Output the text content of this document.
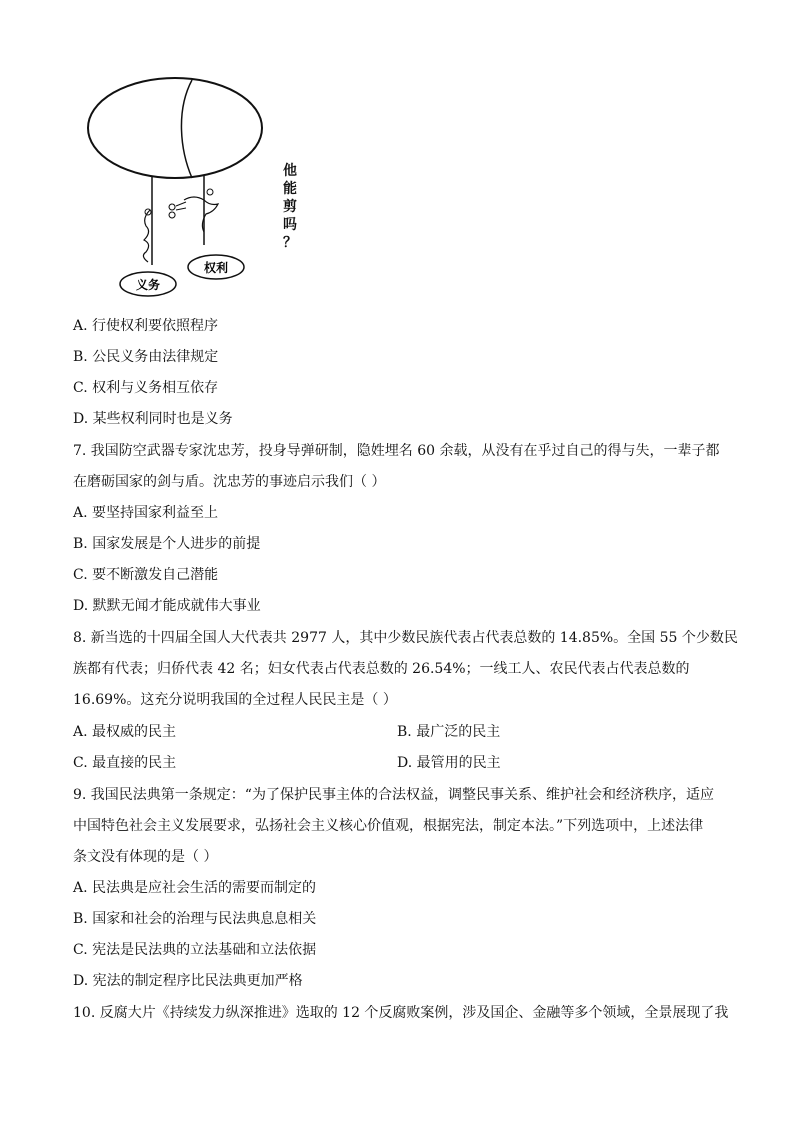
义务
权利
他
能
剪
吗
？
A. 行使权利要依照程序
B. 公民义务由法律规定
C. 权利与义务相互依存
D. 某些权利同时也是义务
7. 我国防空武器专家沈忠芳，投身导弹研制，隐姓埋名 60 余载，从没有在乎过自己的得与失，一辈子都
在磨砺国家的剑与盾。沈忠芳的事迹启示我们（ ）
A. 要坚持国家利益至上
B. 国家发展是个人进步的前提
C. 要不断激发自己潜能
D. 默默无闻才能成就伟大事业
8. 新当选的十四届全国人大代表共 2977 人，其中少数民族代表占代表总数的 14.85%。全国 55 个少数民
族都有代表；归侨代表 42 名；妇女代表占代表总数的 26.54%；一线工人、农民代表占代表总数的
16.69%。这充分说明我国的全过程人民民主是（ ）
A. 最权威的民主	B. 最广泛的民主
C. 最直接的民主	D. 最管用的民主
9. 我国民法典第一条规定：“为了保护民事主体的合法权益，调整民事关系、维护社会和经济秩序，适应
中国特色社会主义发展要求，弘扬社会主义核心价值观，根据宪法，制定本法。”下列选项中，上述法律
条文没有体现的是（ ）
A. 民法典是应社会生活的需要而制定的
B. 国家和社会的治理与民法典息息相关
C. 宪法是民法典的立法基础和立法依据
D. 宪法的制定程序比民法典更加严格
10. 反腐大片《持续发力纵深推进》选取的 12 个反腐败案例，涉及国企、金融等多个领域，全景展现了我
